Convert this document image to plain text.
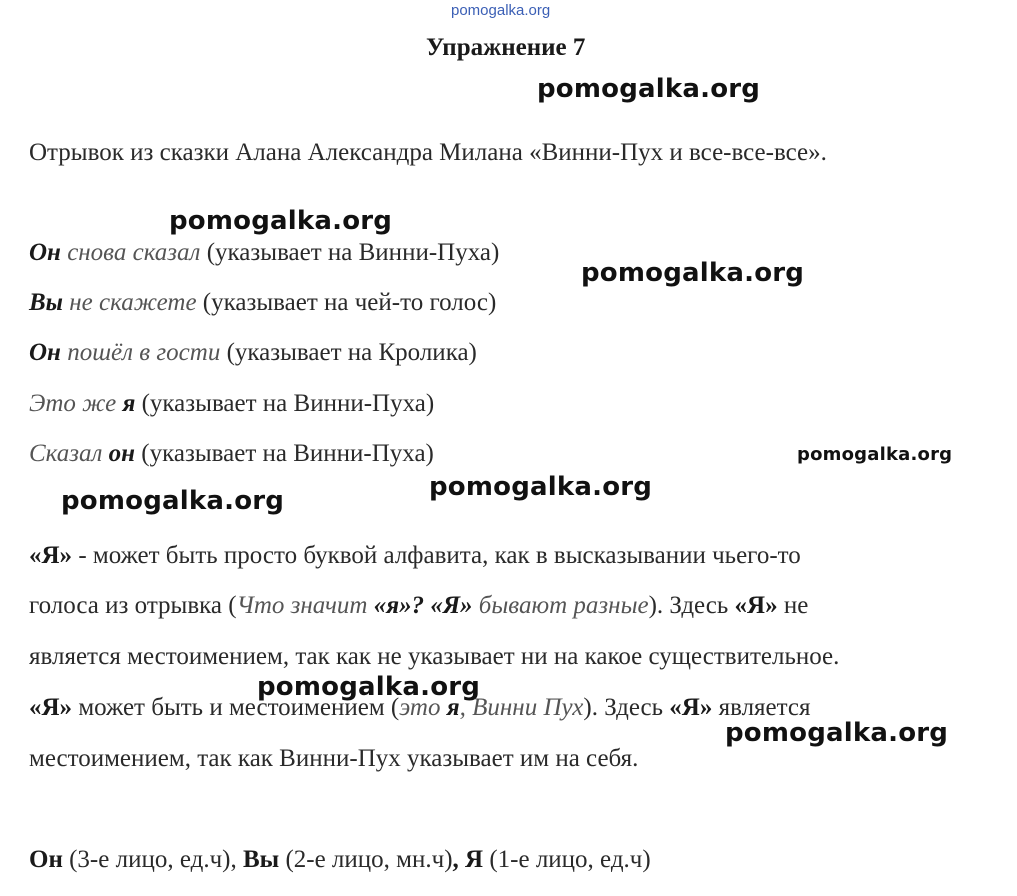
pomogalka.org
Упражнение 7
pomogalka.org
pomogalka.org
pomogalka.org
pomogalka.org
pomogalka.org
pomogalka.org
pomogalka.org
pomogalka.org
Отрывок из сказки Алана Александра Милана «Винни-Пух и все-все-все».
Он снова сказал (указывает на Винни-Пуха)
Вы не скажете (указывает на чей-то голос)
Он пошёл в гости (указывает на Кролика)
Это же я (указывает на Винни-Пуха)
Сказал он (указывает на Винни-Пуха)
«Я» - может быть просто буквой алфавита, как в высказывании чьего-то
голоса из отрывка (Что значит «я»? «Я» бывают разные). Здесь «Я» не
является местоимением, так как не указывает ни на какое существительное.
«Я» может быть и местоимением (это я, Винни Пух). Здесь «Я» является
местоимением, так как Винни-Пух указывает им на себя.
Он (3-е лицо, ед.ч), Вы (2-е лицо, мн.ч), Я (1-е лицо, ед.ч)
